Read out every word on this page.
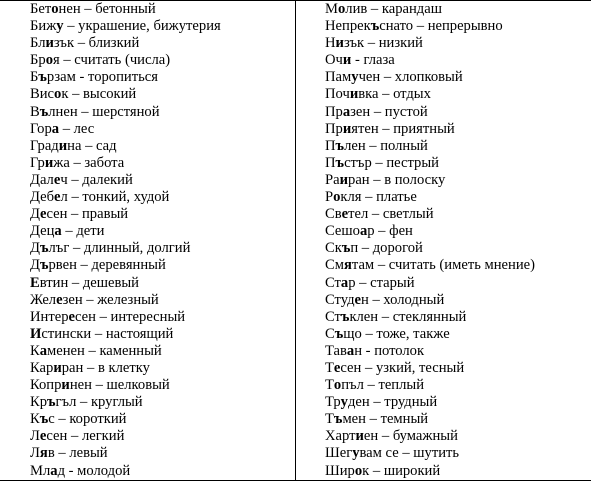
Бетонен – бетонный
Бижу – украшение, бижутерия
Близък – близкий
Броя – считать (числа)
Бързам - торопиться
Висок – высокий
Вълнен – шерстяной
Гора – лес
Градина – сад
Грижа – забота
Далеч – далекий
Дебел – тонкий, худой
Десен – правый
Деца – дети
Дълъг – длинный, долгий
Дървен – деревянный
Евтин – дешевый
Железен – железный
Интересен – интересный
Истински – настоящий
Каменен – каменный
Кариран – в клетку
Копринен – шелковый
Кръгъл – круглый
Къс – короткий
Лесен – легкий
Ляв – левый
Млад - молодой
Молив – карандаш
Непрекъснато – непрерывно
Низък – низкий
Очи - глаза
Памучен – хлопковый
Почивка – отдых
Празен – пустой
Приятен – приятный
Пълен – полный
Пъстър – пестрый
Раиран – в полоску
Рокля – платье
Светел – светлый
Сешоар – фен
Скъп – дорогой
Смятам – считать (иметь мнение)
Стар – старый
Студен – холодный
Стъклен – стеклянный
Също – тоже, также
Таван - потолок
Тесен – узкий, тесный
Топъл – теплый
Труден – трудный
Тъмен – темный
Хартиен – бумажный
Шегувам се – шутить
Широк – широкий
